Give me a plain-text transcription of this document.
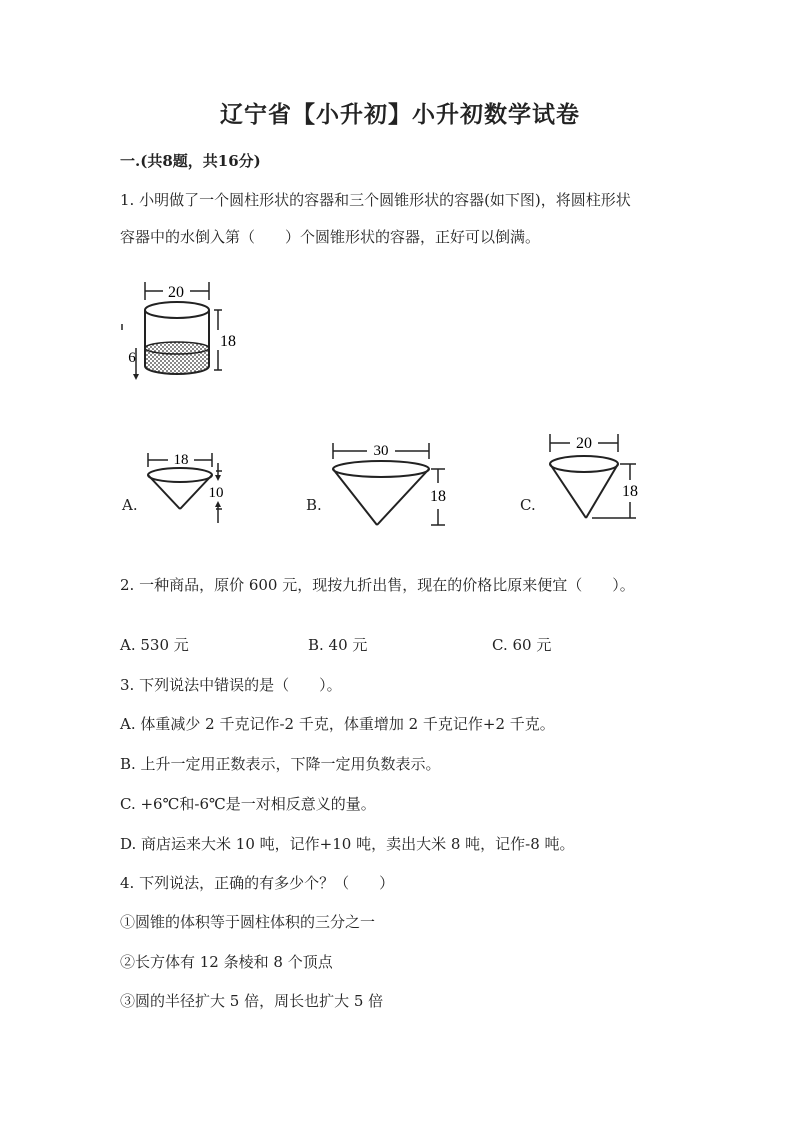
辽宁省【小升初】小升初数学试卷
一.(共8题，共16分)
1. 小明做了一个圆柱形状的容器和三个圆锥形状的容器(如下图)，将圆柱形状
容器中的水倒入第（　　）个圆锥形状的容器，正好可以倒满。
20
18
6
A.
18
10
B.
30
18	C.
20
18
2. 一种商品，原价 600 元，现按九折出售，现在的价格比原来便宜（　　）。
A. 530 元	B. 40 元	C. 60 元
3. 下列说法中错误的是（　　）。
A. 体重减少 2 千克记作-2 千克，体重增加 2 千克记作+2 千克。
B. 上升一定用正数表示，下降一定用负数表示。
C. +6℃和-6℃是一对相反意义的量。
D. 商店运来大米 10 吨，记作+10 吨，卖出大米 8 吨，记作-8 吨。
4. 下列说法，正确的有多少个？（　　）
①圆锥的体积等于圆柱体积的三分之一
②长方体有 12 条棱和 8 个顶点
③圆的半径扩大 5 倍，周长也扩大 5 倍
